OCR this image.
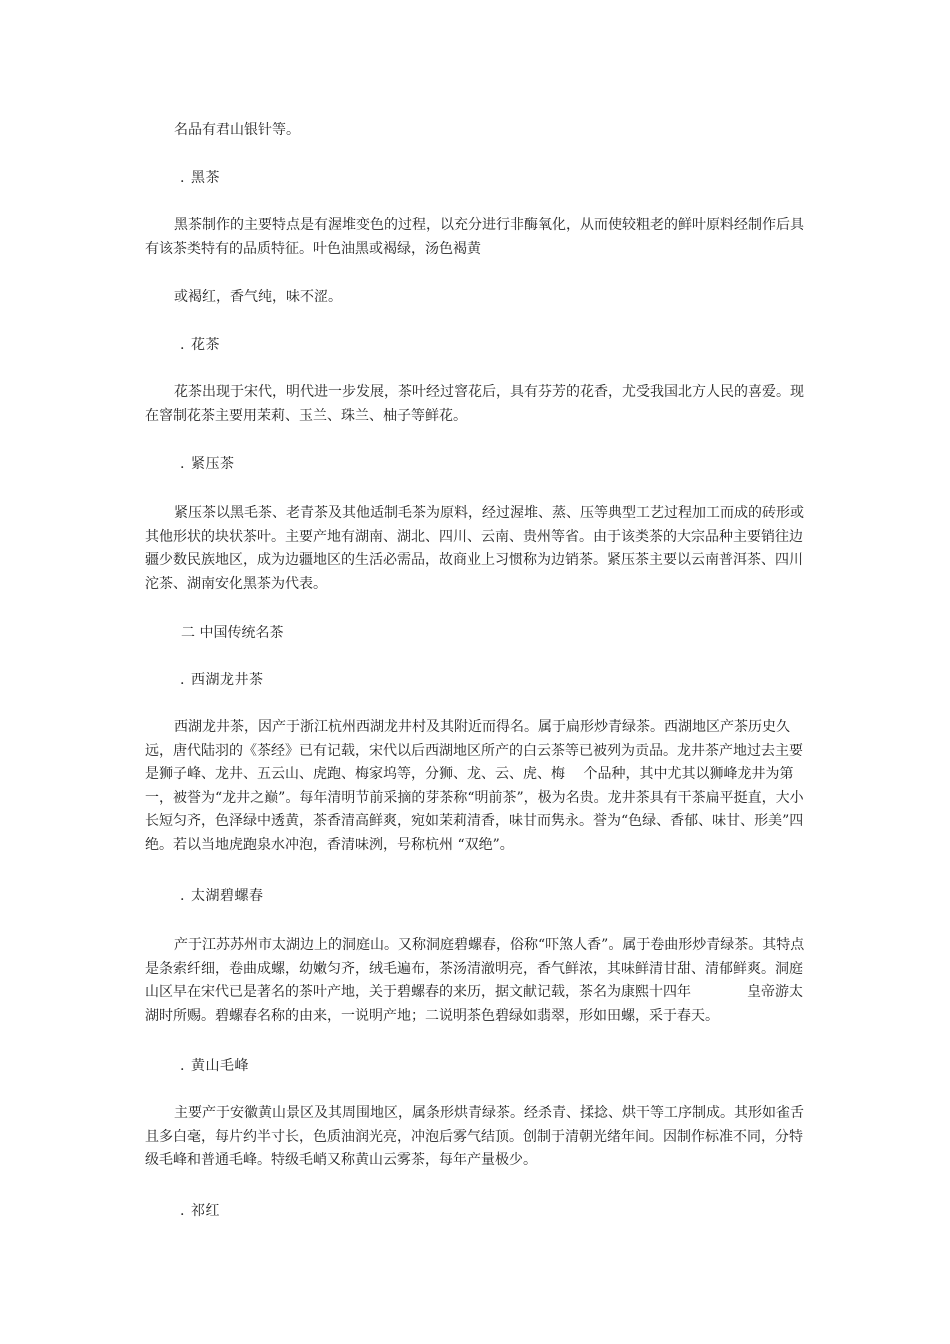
名品有君山银针等。

. 黑茶

黑茶制作的主要特点是有渥堆变色的过程，以充分进行非酶氧化，从而使较粗老的鲜叶原料经制作后具有该茶类特有的品质特征。叶色油黑或褐绿，汤色褐黄

或褐红，香气纯，味不涩。

. 花茶

花茶出现于宋代，明代进一步发展，茶叶经过窨花后，具有芬芳的花香，尤受我国北方人民的喜爱。现在窨制花茶主要用茉莉、玉兰、珠兰、柚子等鲜花。

. 紧压茶

紧压茶以黑毛茶、老青茶及其他适制毛茶为原料，经过渥堆、蒸、压等典型工艺过程加工而成的砖形或其他形状的块状茶叶。主要产地有湖南、湖北、四川、云南、贵州等省。由于该类茶的大宗品种主要销往边疆少数民族地区，成为边疆地区的生活必需品，故商业上习惯称为边销茶。紧压茶主要以云南普洱茶、四川沱茶、湖南安化黑茶为代表。

二 中国传统名茶

. 西湖龙井茶

西湖龙井茶，因产于浙江杭州西湖龙井村及其附近而得名。属于扁形炒青绿茶。西湖地区产茶历史久远，唐代陆羽的《茶经》已有记载，宋代以后西湖地区所产的白云茶等已被列为贡品。龙井茶产地过去主要是狮子峰、龙井、五云山、虎跑、梅家坞等，分狮、龙、云、虎、梅　 个品种，其中尤其以狮峰龙井为第一，被誉为“龙井之巅”。每年清明节前采摘的芽茶称“明前茶”，极为名贵。龙井茶具有干茶扁平挺直，大小长短匀齐，色泽绿中透黄，茶香清高鲜爽，宛如茉莉清香，味甘而隽永。誉为“色绿、香郁、味甘、形美”四绝。若以当地虎跑泉水冲泡，香清味洌，号称杭州 “双绝”。

. 太湖碧螺春

产于江苏苏州市太湖边上的洞庭山。又称洞庭碧螺春，俗称“吓煞人香”。属于卷曲形炒青绿茶。其特点是条索纤细，卷曲成螺，幼嫩匀齐，绒毛遍布，茶汤清澈明亮，香气鲜浓，其味鲜清甘甜、清郁鲜爽。洞庭山区早在宋代已是著名的茶叶产地，关于碧螺春的来历，据文献记载，茶名为康熙十四年　　　　皇帝游太湖时所赐。碧螺春名称的由来，一说明产地；二说明茶色碧绿如翡翠，形如田螺，采于春天。

. 黄山毛峰

主要产于安徽黄山景区及其周围地区，属条形烘青绿茶。经杀青、揉捻、烘干等工序制成。其形如雀舌且多白毫，每片约半寸长，色质油润光亮，冲泡后雾气结顶。创制于清朝光绪年间。因制作标准不同，分特级毛峰和普通毛峰。特级毛峭又称黄山云雾茶，每年产量极少。

. 祁红
